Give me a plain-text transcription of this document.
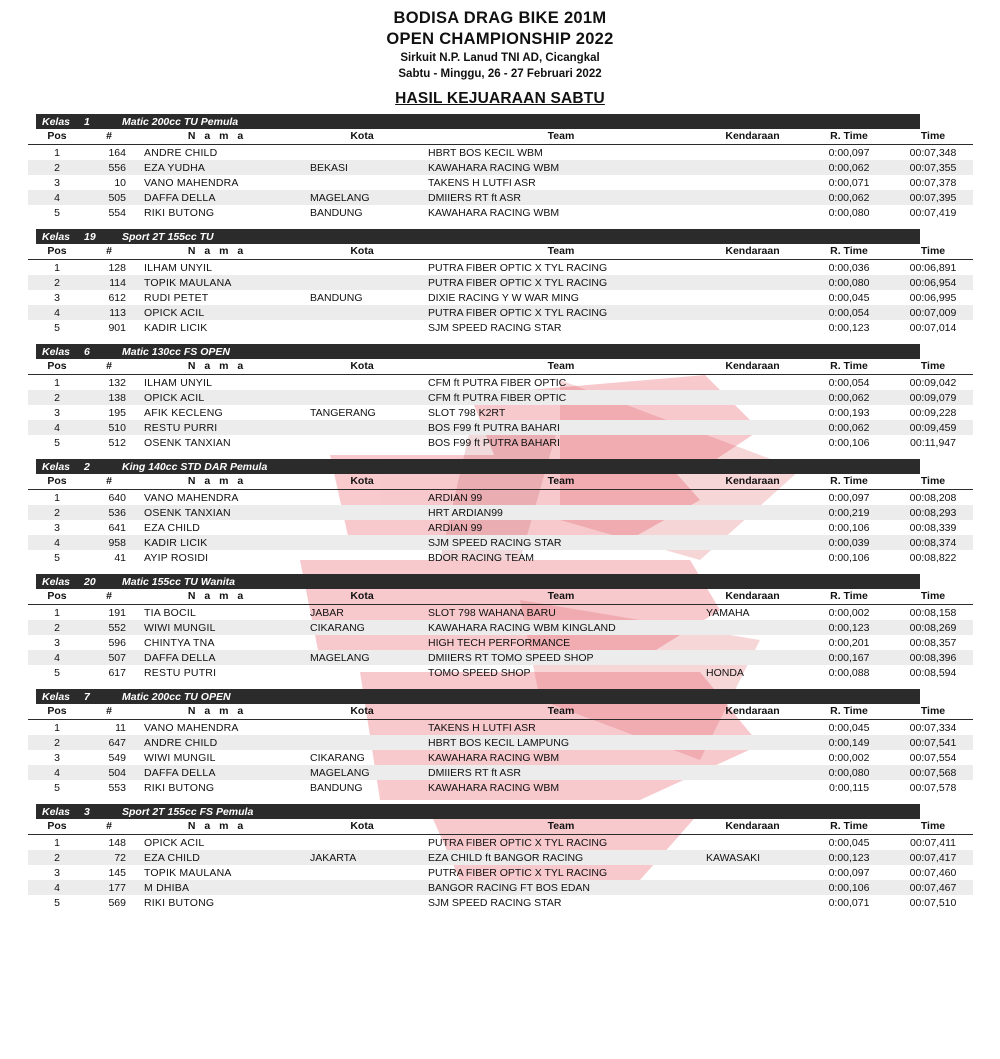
BODISA DRAG BIKE 201M
OPEN CHAMPIONSHIP 2022
Sirkuit N.P. Lanud TNI AD, Cicangkal
Sabtu - Minggu, 26 - 27 Februari 2022
HASIL KEJUARAAN SABTU
Kelas	1	Matic 200cc TU Pemula
Pos	#	N a m a	Kota	Team	Kendaraan	R. Time	Time
1	164	ANDRE CHILD		HBRT BOS KECIL WBM		0:00,097	00:07,348
2	556	EZA YUDHA	BEKASI	KAWAHARA RACING WBM		0:00,062	00:07,355
3	10	VANO MAHENDRA		TAKENS H LUTFI ASR		0:00,071	00:07,378
4	505	DAFFA DELLA	MAGELANG	DMIIERS RT ft ASR		0:00,062	00:07,395
5	554	RIKI BUTONG	BANDUNG	KAWAHARA RACING WBM		0:00,080	00:07,419
Kelas	19	Sport 2T 155cc TU
Pos	#	N a m a	Kota	Team	Kendaraan	R. Time	Time
1	128	ILHAM UNYIL		PUTRA FIBER OPTIC X TYL RACING		0:00,036	00:06,891
2	114	TOPIK MAULANA		PUTRA FIBER OPTIC X TYL RACING		0:00,080	00:06,954
3	612	RUDI PETET	BANDUNG	DIXIE RACING Y W WAR MING		0:00,045	00:06,995
4	113	OPICK ACIL		PUTRA FIBER OPTIC X TYL RACING		0:00,054	00:07,009
5	901	KADIR LICIK		SJM SPEED RACING STAR		0:00,123	00:07,014
Kelas	6	Matic 130cc FS OPEN
Pos	#	N a m a	Kota	Team	Kendaraan	R. Time	Time
1	132	ILHAM UNYIL		CFM ft PUTRA FIBER OPTIC		0:00,054	00:09,042
2	138	OPICK ACIL		CFM ft PUTRA FIBER OPTIC		0:00,062	00:09,079
3	195	AFIK KECLENG	TANGERANG	SLOT 798 K2RT		0:00,193	00:09,228
4	510	RESTU PURRI		BOS F99 ft PUTRA BAHARI		0:00,062	00:09,459
5	512	OSENK TANXIAN		BOS F99 ft PUTRA BAHARI		0:00,106	00:11,947
Kelas	2	King 140cc STD DAR Pemula
Pos	#	N a m a	Kota	Team	Kendaraan	R. Time	Time
1	640	VANO MAHENDRA		ARDIAN 99		0:00,097	00:08,208
2	536	OSENK TANXIAN		HRT ARDIAN99		0:00,219	00:08,293
3	641	EZA CHILD		ARDIAN 99		0:00,106	00:08,339
4	958	KADIR LICIK		SJM SPEED RACING STAR		0:00,039	00:08,374
5	41	AYIP ROSIDI		BDOR RACING TEAM		0:00,106	00:08,822
Kelas	20	Matic 155cc TU Wanita
Pos	#	N a m a	Kota	Team	Kendaraan	R. Time	Time
1	191	TIA BOCIL	JABAR	SLOT 798 WAHANA BARU	YAMAHA	0:00,002	00:08,158
2	552	WIWI MUNGIL	CIKARANG	KAWAHARA RACING WBM KINGLAND		0:00,123	00:08,269
3	596	CHINTYA TNA		HIGH TECH PERFORMANCE		0:00,201	00:08,357
4	507	DAFFA DELLA	MAGELANG	DMIIERS RT TOMO SPEED SHOP		0:00,167	00:08,396
5	617	RESTU PUTRI		TOMO SPEED SHOP	HONDA	0:00,088	00:08,594
Kelas	7	Matic 200cc TU OPEN
Pos	#	N a m a	Kota	Team	Kendaraan	R. Time	Time
1	11	VANO MAHENDRA		TAKENS H LUTFI ASR		0:00,045	00:07,334
2	647	ANDRE CHILD		HBRT BOS KECIL LAMPUNG		0:00,149	00:07,541
3	549	WIWI MUNGIL	CIKARANG	KAWAHARA RACING WBM		0:00,002	00:07,554
4	504	DAFFA DELLA	MAGELANG	DMIIERS RT ft ASR		0:00,080	00:07,568
5	553	RIKI BUTONG	BANDUNG	KAWAHARA RACING WBM		0:00,115	00:07,578
Kelas	3	Sport 2T 155cc FS Pemula
Pos	#	N a m a	Kota	Team	Kendaraan	R. Time	Time
1	148	OPICK ACIL		PUTRA FIBER OPTIC X TYL RACING		0:00,045	00:07,411
2	72	EZA CHILD	JAKARTA	EZA CHILD ft BANGOR RACING	KAWASAKI	0:00,123	00:07,417
3	145	TOPIK MAULANA		PUTRA FIBER OPTIC X TYL RACING		0:00,097	00:07,460
4	177	M DHIBA		BANGOR RACING FT BOS EDAN		0:00,106	00:07,467
5	569	RIKI BUTONG		SJM SPEED RACING STAR		0:00,071	00:07,510
